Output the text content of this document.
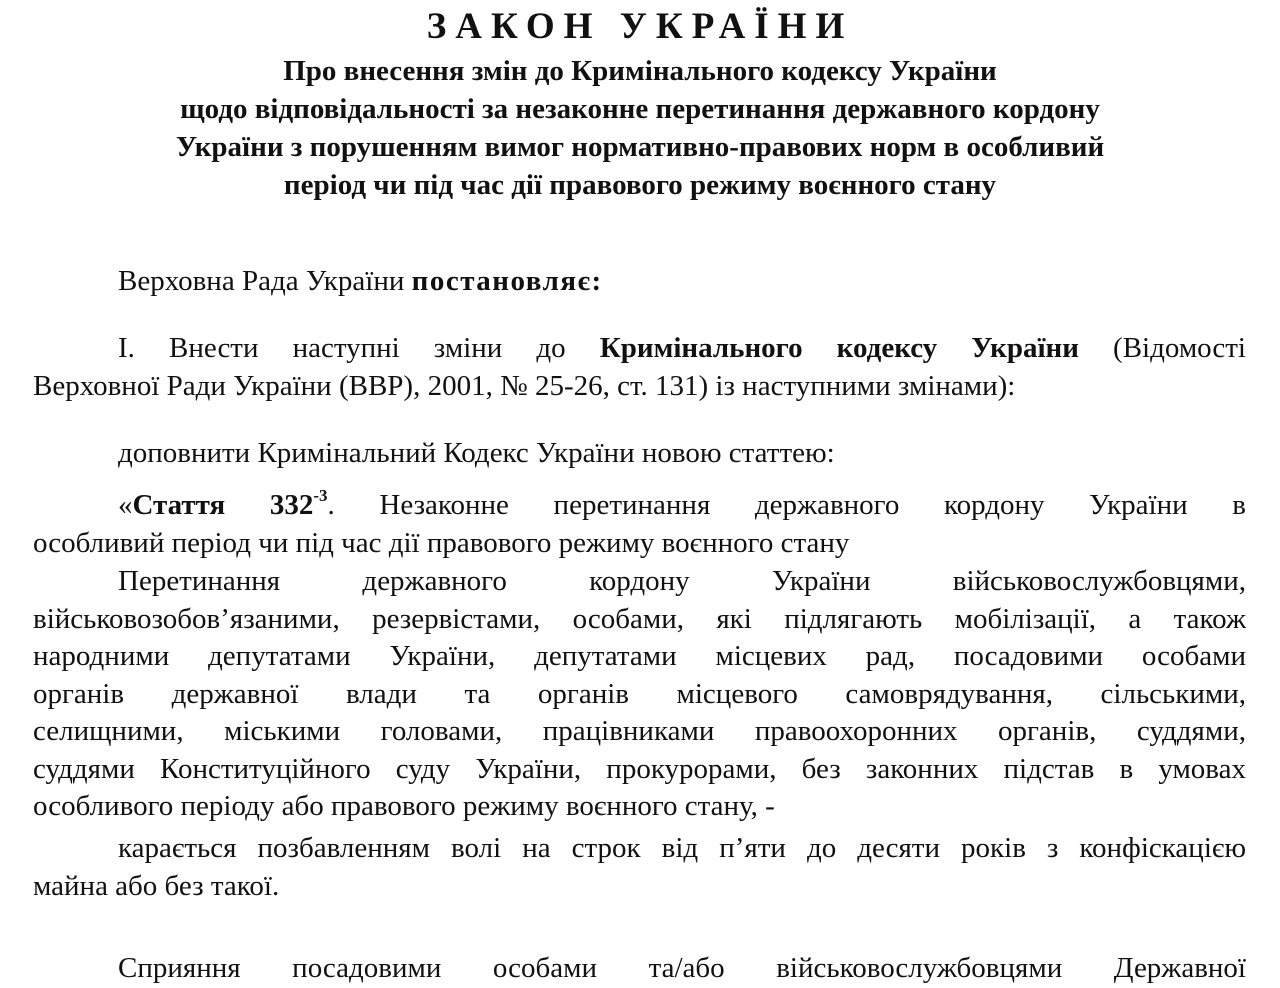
ЗАКОН УКРАЇНИ
Про внесення змін до Кримінального кодексу України
щодо відповідальності за незаконне перетинання державного кордону
України з порушенням вимог нормативно-правових норм в особливий
період чи під час дії правового режиму воєнного стану

Верховна Рада України постановляє:

І. Внести наступні зміни до Кримінального кодексу України (Відомості
Верховної Ради України (ВВР), 2001, № 25-26, ст. 131) із наступними змінами):

доповнити Кримінальний Кодекс України новою статтею:

«Стаття $332^{-3}$. Незаконне перетинання державного кордону України в
особливий період чи під час дії правового режиму воєнного стану
Перетинання державного кордону України військовослужбовцями,
військовозобов’язаними, резервістами, особами, які підлягають мобілізації, а також
народними депутатами України, депутатами місцевих рад, посадовими особами
органів державної влади та органів місцевого самоврядування, сільськими,
селищними, міськими головами, працівниками правоохоронних органів, суддями,
суддями Конституційного суду України, прокурорами, без законних підстав в умовах
особливого періоду або правового режиму воєнного стану, -
карається позбавленням волі на строк від п’яти до десяти років з конфіскацією
майна або без такої.
Сприяння посадовими особами та/або військовослужбовцями Державної
